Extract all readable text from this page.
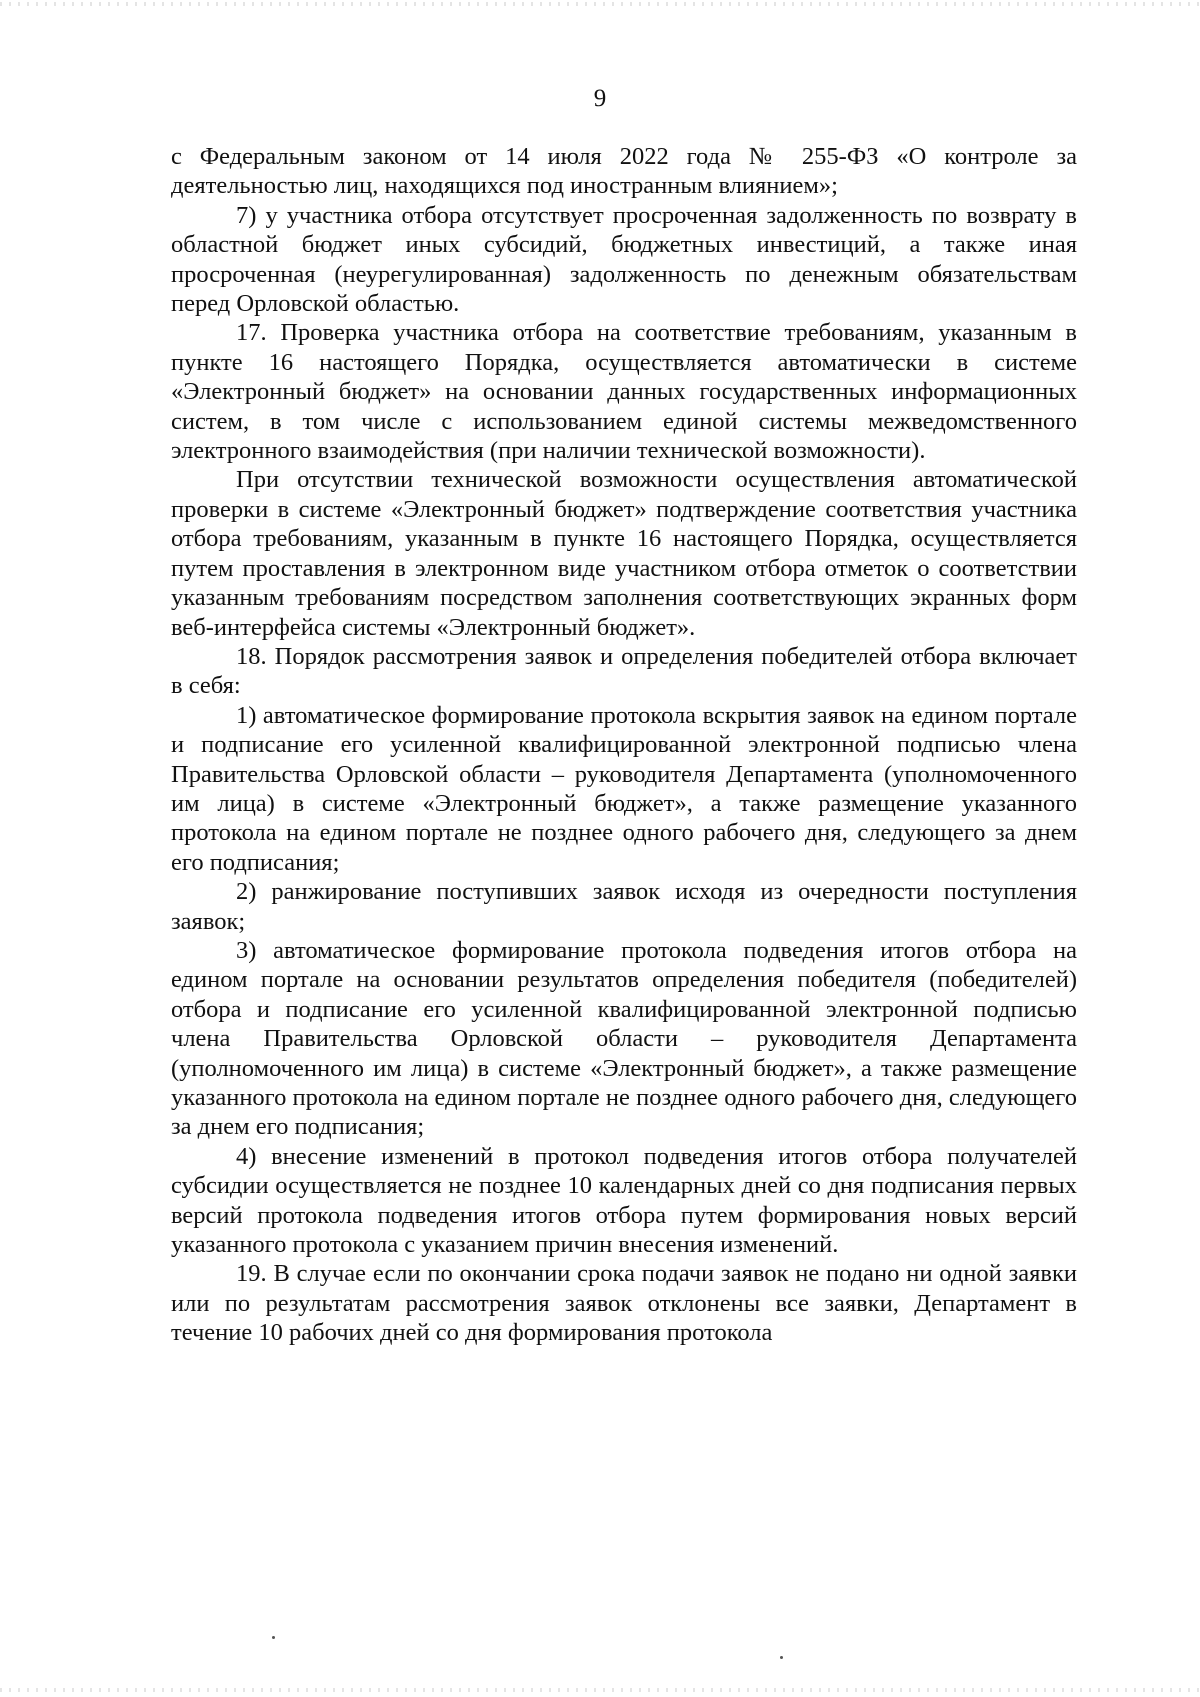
9

с Федеральным законом от 14 июля 2022 года № 255-ФЗ «О контроле за деятельностью лиц, находящихся под иностранным влиянием»;

7) у участника отбора отсутствует просроченная задолженность по возврату в областной бюджет иных субсидий, бюджетных инвестиций, а также иная просроченная (неурегулированная) задолженность по денежным обязательствам перед Орловской областью.

17. Проверка участника отбора на соответствие требованиям, указанным в пункте 16 настоящего Порядка, осуществляется автоматически в системе «Электронный бюджет» на основании данных государственных информационных систем, в том числе с использованием единой системы межведомственного электронного взаимодействия (при наличии технической возможности).

При отсутствии технической возможности осуществления автоматической проверки в системе «Электронный бюджет» подтверждение соответствия участника отбора требованиям, указанным в пункте 16 настоящего Порядка, осуществляется путем проставления в электронном виде участником отбора отметок о соответствии указанным требованиям посредством заполнения соответствующих экранных форм веб-интерфейса системы «Электронный бюджет».

18. Порядок рассмотрения заявок и определения победителей отбора включает в себя:

1) автоматическое формирование протокола вскрытия заявок на едином портале и подписание его усиленной квалифицированной электронной подписью члена Правительства Орловской области – руководителя Департамента (уполномоченного им лица) в системе «Электронный бюджет», а также размещение указанного протокола на едином портале не позднее одного рабочего дня, следующего за днем его подписания;

2) ранжирование поступивших заявок исходя из очередности поступления заявок;

3) автоматическое формирование протокола подведения итогов отбора на едином портале на основании результатов определения победителя (победителей) отбора и подписание его усиленной квалифицированной электронной подписью члена Правительства Орловской области – руководителя Департамента (уполномоченного им лица) в системе «Электронный бюджет», а также размещение указанного протокола на едином портале не позднее одного рабочего дня, следующего за днем его подписания;

4) внесение изменений в протокол подведения итогов отбора получателей субсидии осуществляется не позднее 10 календарных дней со дня подписания первых версий протокола подведения итогов отбора путем формирования новых версий указанного протокола с указанием причин внесения изменений.

19. В случае если по окончании срока подачи заявок не подано ни одной заявки или по результатам рассмотрения заявок отклонены все заявки, Департамент в течение 10 рабочих дней со дня формирования протокола
